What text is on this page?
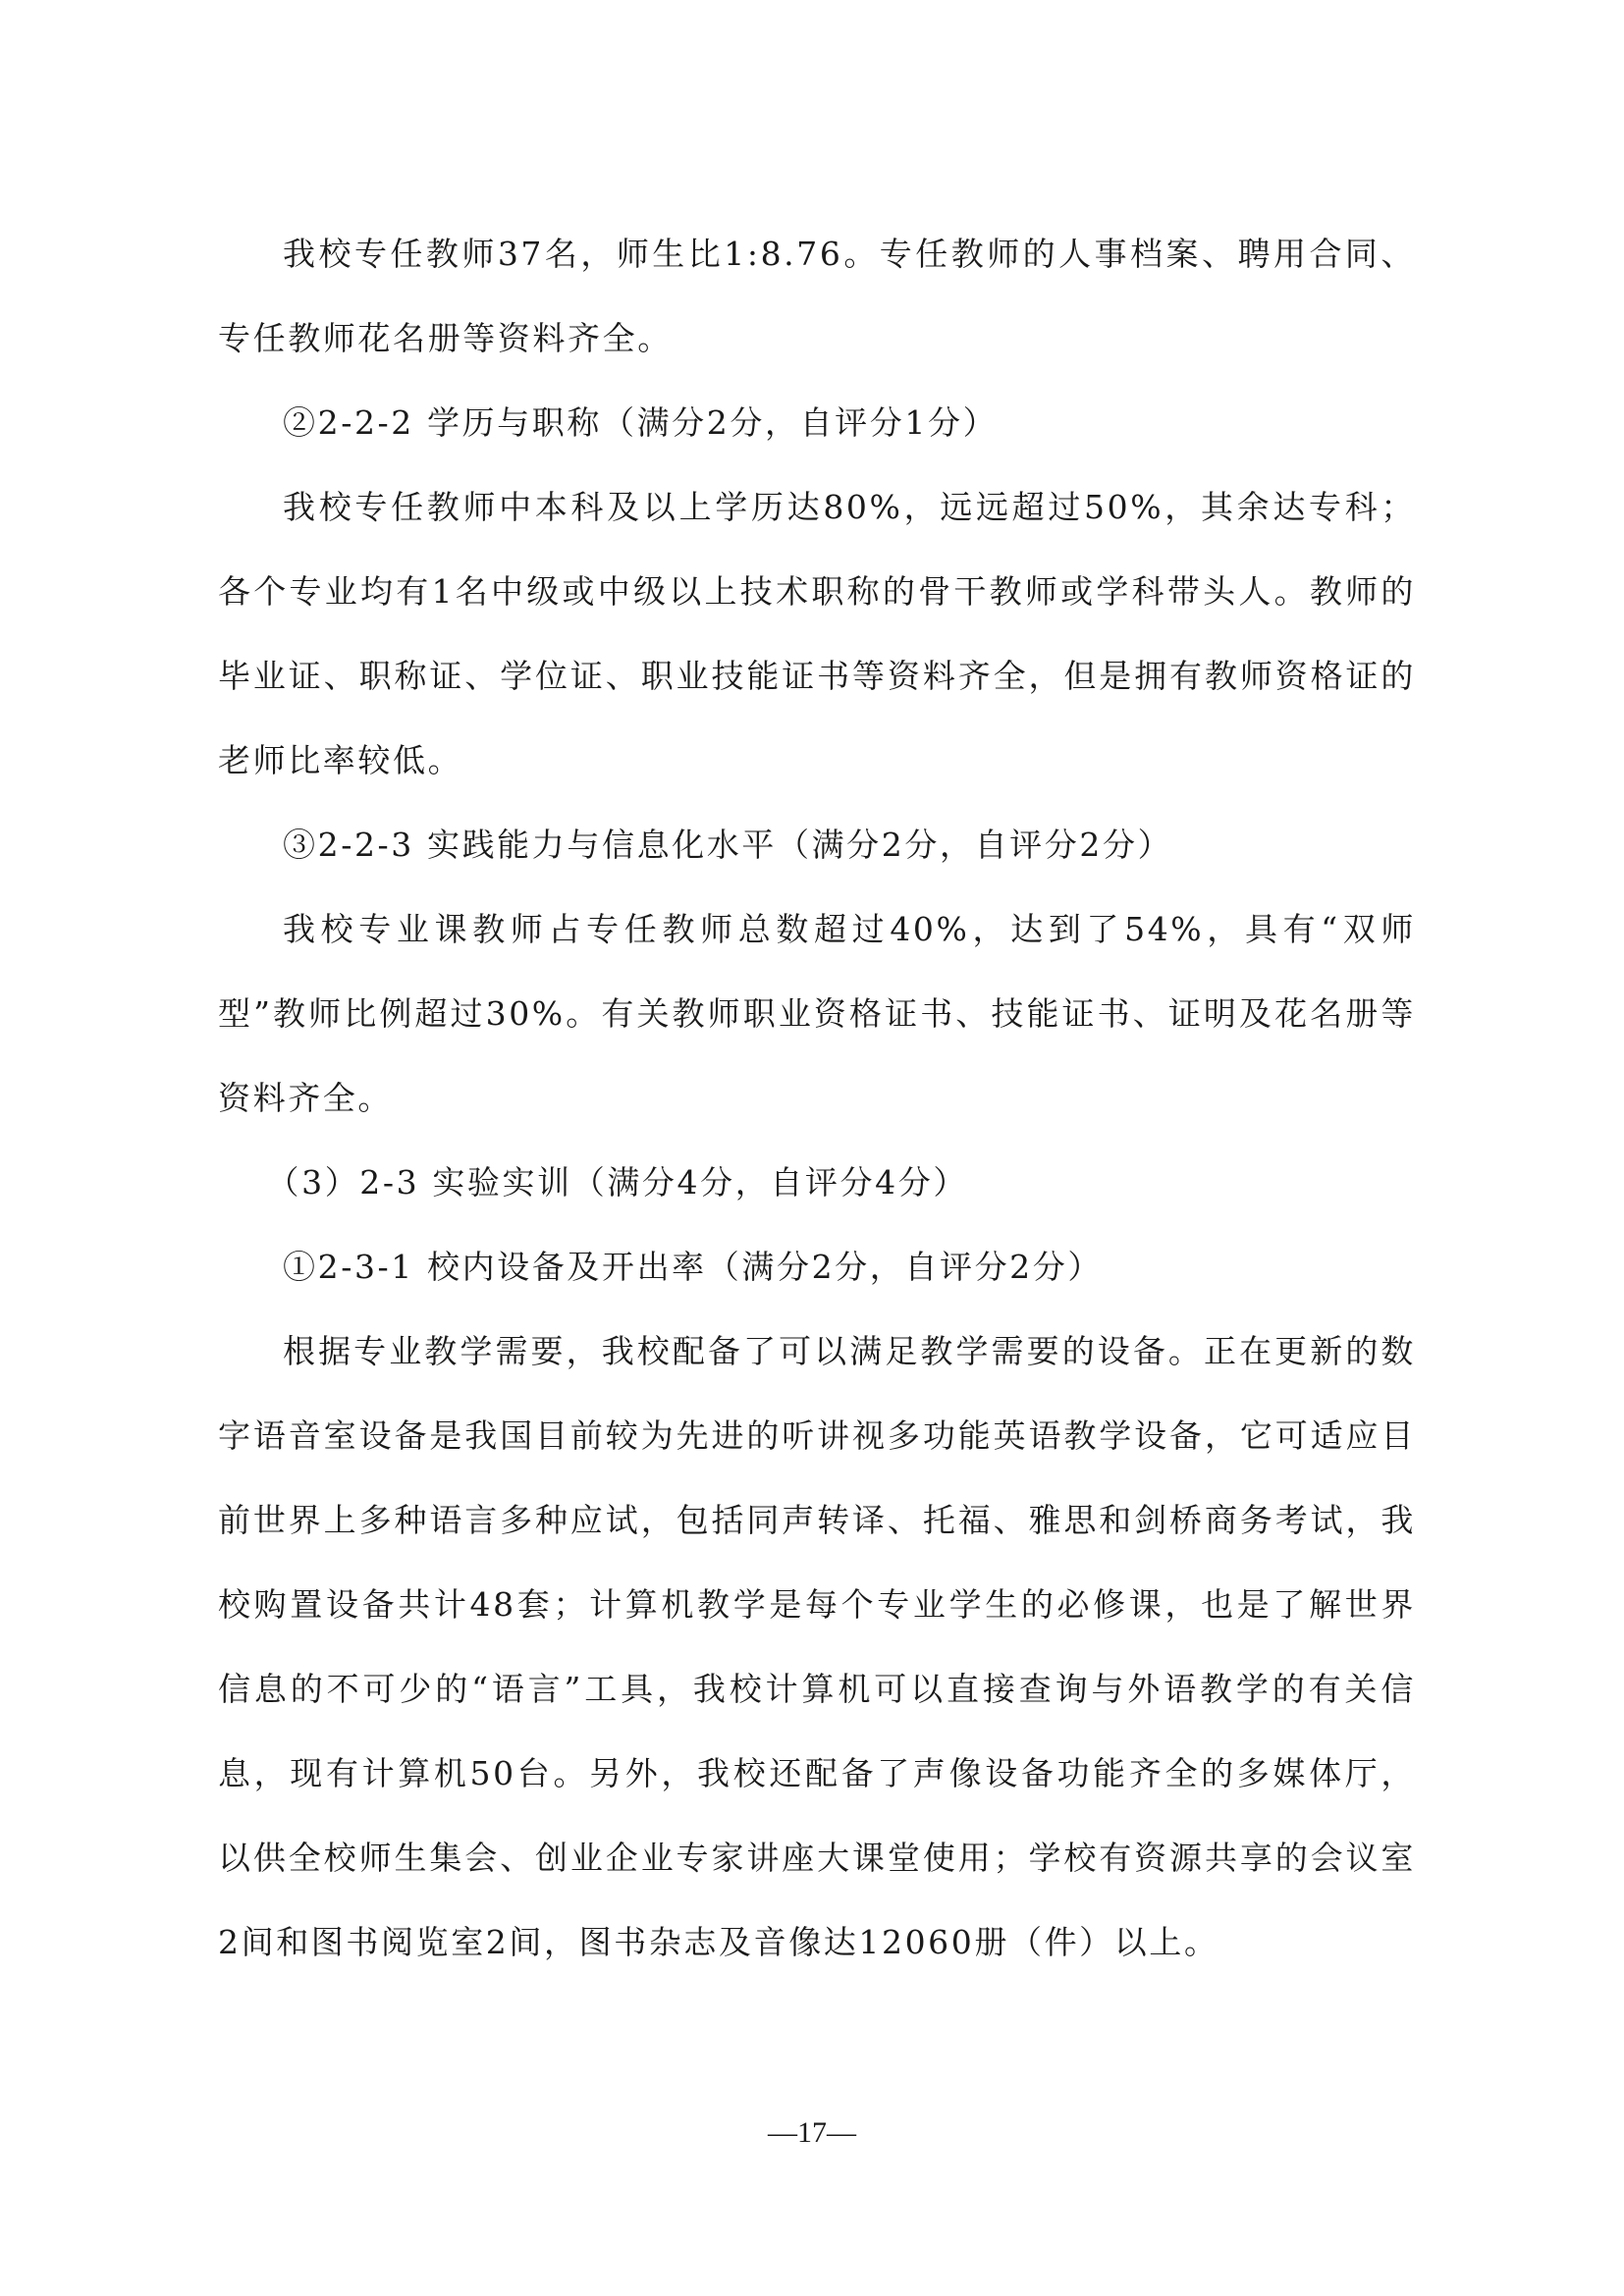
我校专任教师37名，师生比1:8.76。专任教师的人事档案、聘用合同、专任教师花名册等资料齐全。

②2-2-2 学历与职称（满分2分，自评分1分）

我校专任教师中本科及以上学历达80%，远远超过50%，其余达专科；各个专业均有1名中级或中级以上技术职称的骨干教师或学科带头人。教师的毕业证、职称证、学位证、职业技能证书等资料齐全，但是拥有教师资格证的老师比率较低。

③2-2-3 实践能力与信息化水平（满分2分，自评分2分）

我校专业课教师占专任教师总数超过40%，达到了54%，具有“双师型”教师比例超过30%。有关教师职业资格证书、技能证书、证明及花名册等资料齐全。

（3）2-3 实验实训（满分4分，自评分4分）

①2-3-1 校内设备及开出率（满分2分，自评分2分）

根据专业教学需要，我校配备了可以满足教学需要的设备。正在更新的数字语音室设备是我国目前较为先进的听讲视多功能英语教学设备，它可适应目前世界上多种语言多种应试，包括同声转译、托福、雅思和剑桥商务考试，我校购置设备共计48套；计算机教学是每个专业学生的必修课，也是了解世界信息的不可少的“语言”工具，我校计算机可以直接查询与外语教学的有关信息，现有计算机50台。另外，我校还配备了声像设备功能齐全的多媒体厅，以供全校师生集会、创业企业专家讲座大课堂使用；学校有资源共享的会议室2间和图书阅览室2间，图书杂志及音像达12060册（件）以上。

—17—
